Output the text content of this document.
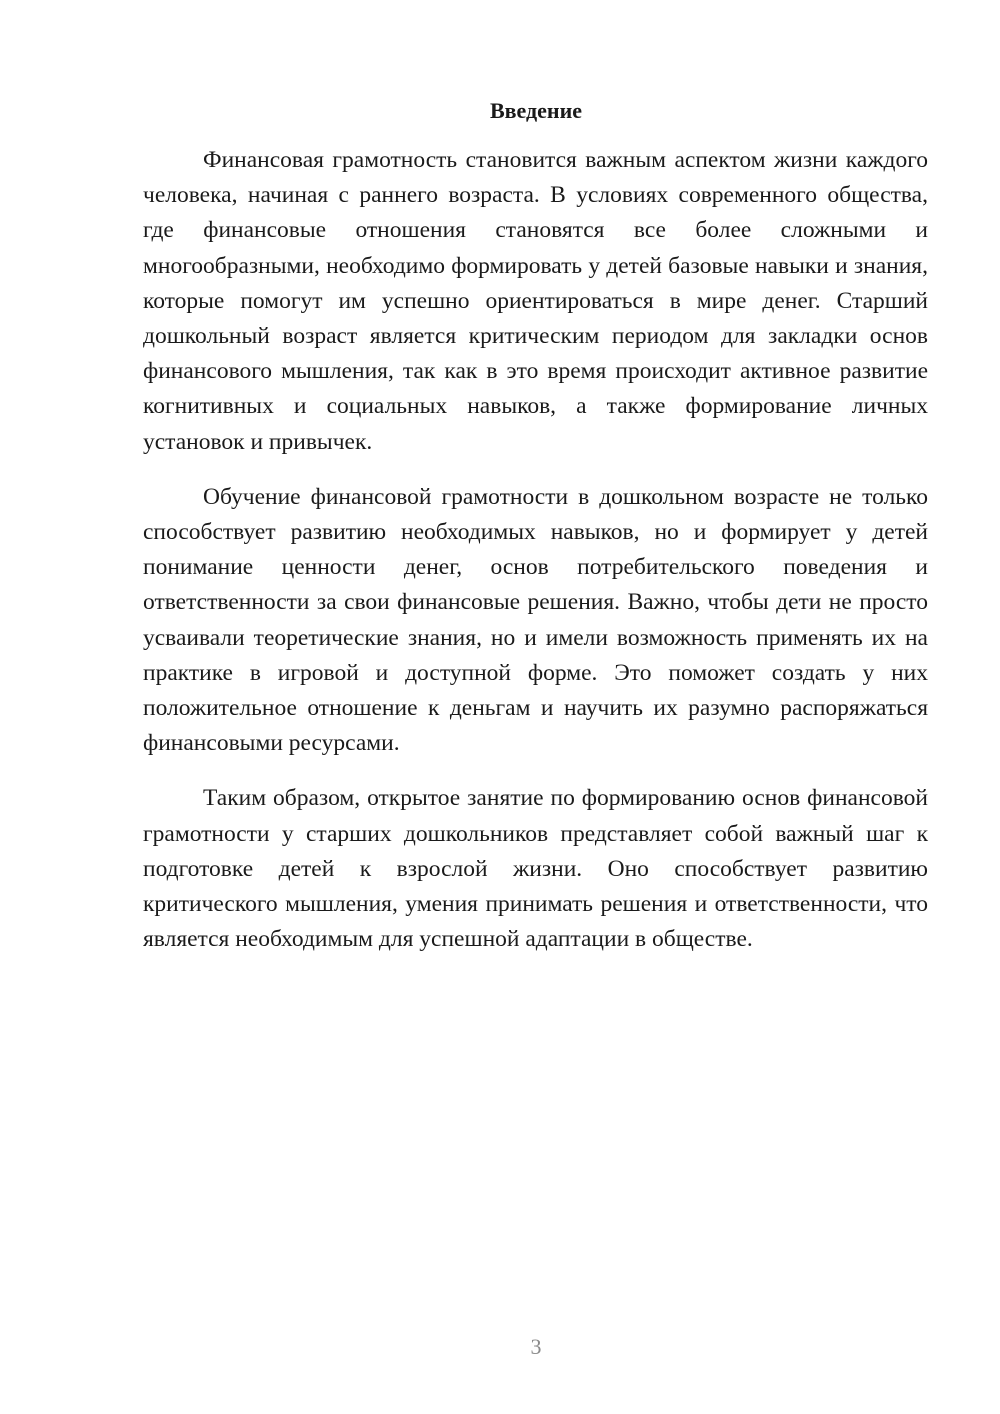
Введение

Финансовая грамотность становится важным аспектом жизни каждого человека, начиная с раннего возраста. В условиях современного общества, где финансовые отношения становятся все более сложными и многообразными, необходимо формировать у детей базовые навыки и знания, которые помогут им успешно ориентироваться в мире денег. Старший дошкольный возраст является критическим периодом для закладки основ финансового мышления, так как в это время происходит активное развитие когнитивных и социальных навыков, а также формирование личных установок и привычек.

Обучение финансовой грамотности в дошкольном возрасте не только способствует развитию необходимых навыков, но и формирует у детей понимание ценности денег, основ потребительского поведения и ответственности за свои финансовые решения. Важно, чтобы дети не просто усваивали теоретические знания, но и имели возможность применять их на практике в игровой и доступной форме. Это поможет создать у них положительное отношение к деньгам и научить их разумно распоряжаться финансовыми ресурсами.

Таким образом, открытое занятие по формированию основ финансовой грамотности у старших дошкольников представляет собой важный шаг к подготовке детей к взрослой жизни. Оно способствует развитию критического мышления, умения принимать решения и ответственности, что является необходимым для успешной адаптации в обществе.

3
